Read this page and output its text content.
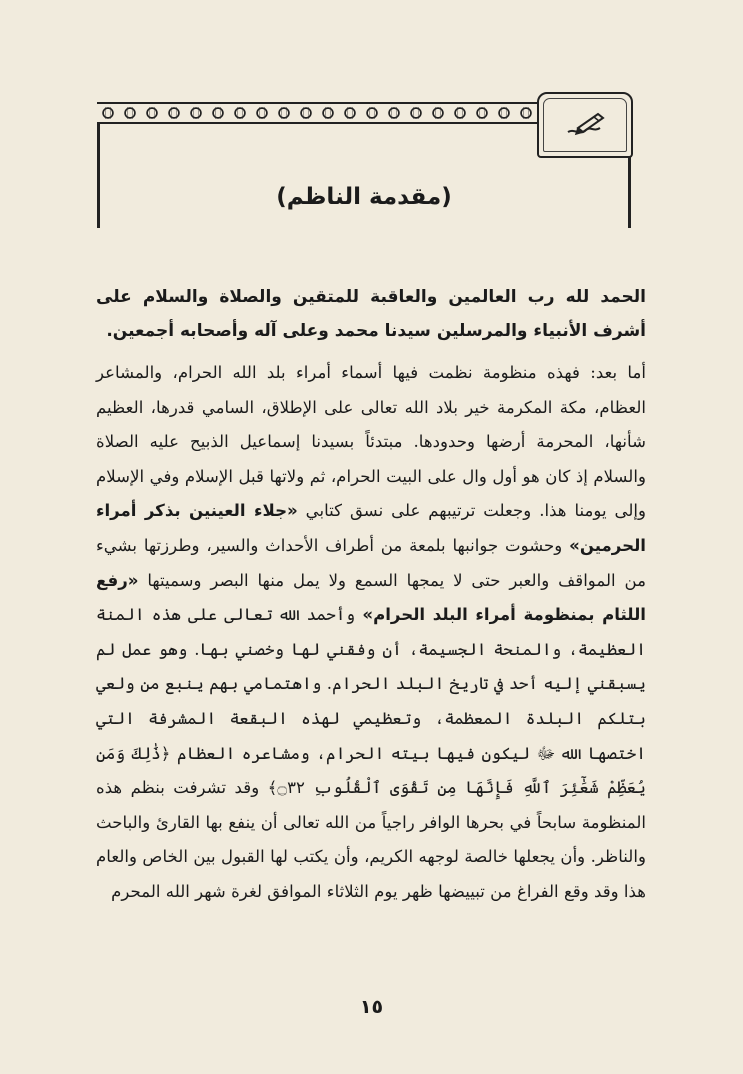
(مقدمة الناظم)
الحمد لله رب العالمين والعاقبة للمتقين والصلاة والسلام على أشرف الأنبياء والمرسلين سيدنا محمد وعلى آله وأصحابه أجمعين.
أما بعد: فهذه منظومة نظمت فيها أسماء أمراء بلد الله الحرام، والمشاعر العظام، مكة المكرمة خير بلاد الله تعالى على الإطلاق، السامي قدرها، العظيم شأنها، المحرمة أرضها وحدودها. مبتدئاً بسيدنا إسماعيل الذبيح عليه الصلاة والسلام إذ كان هو أول وال على البيت الحرام، ثم ولاتها قبل الإسلام وفي الإسلام وإلى يومنا هذا. وجعلت ترتيبهم على نسق كتابي «جلاء العينين بذكر أمراء الحرمين» وحشوت جوانبها بلمعة من أطراف الأحداث والسير، وطرزتها بشيء من المواقف والعبر حتى لا يمجها السمع ولا يمل منها البصر وسميتها «رفع اللثام بمنظومة أمراء البلد الحرام» وأحمد الله تعالى على هذه المنة العظيمة، والمنحة الجسيمة، أن وفقني لها وخصني بها. وهو عمل لم يسبقني إليه أحد في تاريخ البلد الحرام. واهتمامي بهم ينبع من ولعي بتلكم البلدة المعظمة، وتعظيمي لهذه البقعة المشرفة التي اختصها الله ﷻ ليكون فيها بيته الحرام، ومشاعره العظام ﴿ذَٰلِكَ وَمَن يُعَظِّمْ شَعَٰٓئِرَ ٱللَّهِ فَإِنَّهَا مِن تَقْوَى ٱلْقُلُوبِ ۝٣٢﴾ وقد تشرفت بنظم هذه المنظومة سابحاً في بحرها الوافر راجياً من الله تعالى أن ينفع بها القارئ والباحث والناظر. وأن يجعلها خالصة لوجهه الكريم، وأن يكتب لها القبول بين الخاص والعام هذا وقد وقع الفراغ من تبييضها ظهر يوم الثلاثاء الموافق لغرة شهر الله المحرم
١٥
